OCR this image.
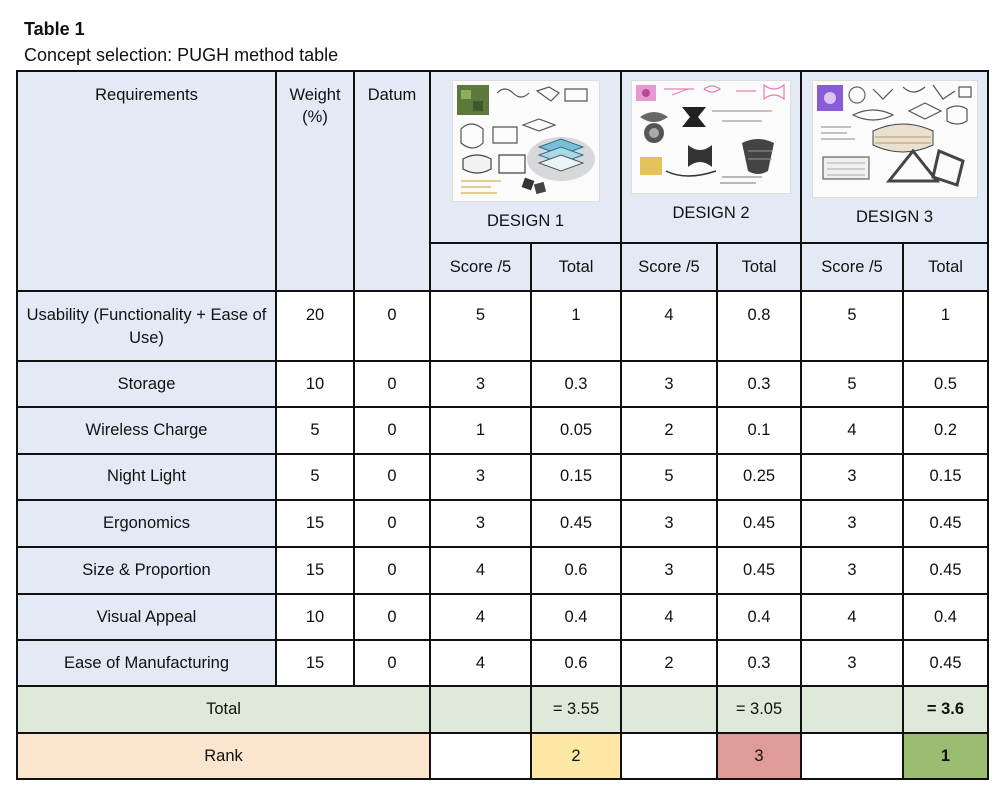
Table 1
Concept selection: PUGH method table
Requirements	Weight (%)	Datum	DESIGN 1		DESIGN 2		DESIGN 3	

			Score /5	Total	Score /5	Total	Score /5	Total
Usability (Functionality + Ease of Use)	20	0	5	1	4	0.8	5	1
Storage	10	0	3	0.3	3	0.3	5	0.5
Wireless Charge	5	0	1	0.05	2	0.1	4	0.2
Night Light	5	0	3	0.15	5	0.25	3	0.15
Ergonomics	15	0	3	0.45	3	0.45	3	0.45
Size & Proportion	15	0	4	0.6	3	0.45	3	0.45
Visual Appeal	10	0	4	0.4	4	0.4	4	0.4
Ease of Manufacturing	15	0	4	0.6	2	0.3	3	0.45
Total				= 3.55		= 3.05		= 3.6
Rank				2		3		1
